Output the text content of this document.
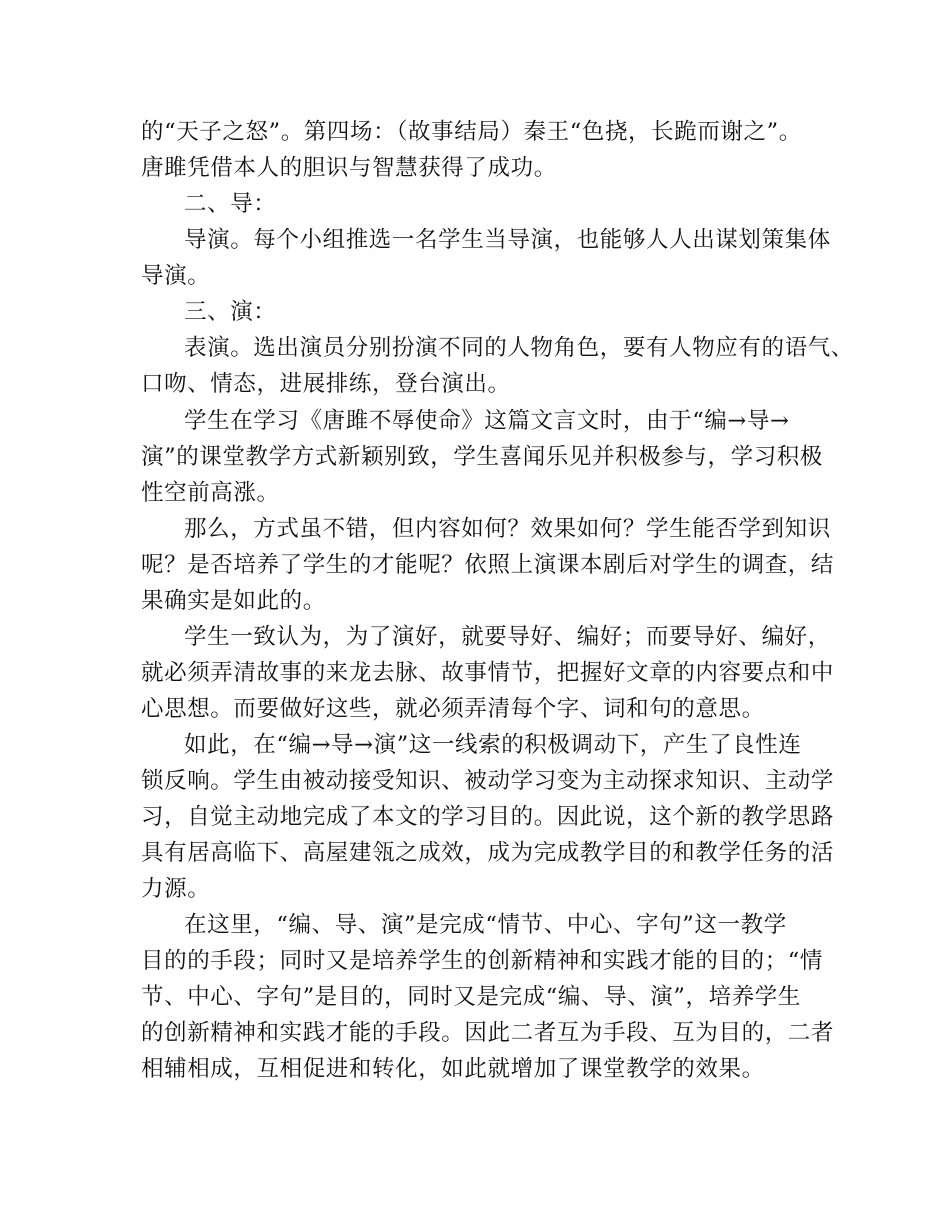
的“天子之怒”。第四场：（故事结局）秦王“色挠，长跪而谢之”。
唐雎凭借本人的胆识与智慧获得了成功。
二、导：
导演。每个小组推选一名学生当导演，也能够人人出谋划策集体
导演。
三、演：
表演。选出演员分别扮演不同的人物角色，要有人物应有的语气、
口吻、情态，进展排练，登台演出。
学生在学习《唐雎不辱使命》这篇文言文时，由于“编→导→
演”的课堂教学方式新颖别致，学生喜闻乐见并积极参与，学习积极
性空前高涨。
那么，方式虽不错，但内容如何？效果如何？学生能否学到知识
呢？是否培养了学生的才能呢？依照上演课本剧后对学生的调查，结
果确实是如此的。
学生一致认为，为了演好，就要导好、编好；而要导好、编好，
就必须弄清故事的来龙去脉、故事情节，把握好文章的内容要点和中
心思想。而要做好这些，就必须弄清每个字、词和句的意思。
如此，在“编→导→演”这一线索的积极调动下，产生了良性连
锁反响。学生由被动接受知识、被动学习变为主动探求知识、主动学
习，自觉主动地完成了本文的学习目的。因此说，这个新的教学思路
具有居高临下、高屋建瓴之成效，成为完成教学目的和教学任务的活
力源。
在这里，“编、导、演”是完成“情节、中心、字句”这一教学
目的的手段；同时又是培养学生的创新精神和实践才能的目的；“情
节、中心、字句”是目的，同时又是完成“编、导、演”，培养学生
的创新精神和实践才能的手段。因此二者互为手段、互为目的，二者
相辅相成，互相促进和转化，如此就增加了课堂教学的效果。
